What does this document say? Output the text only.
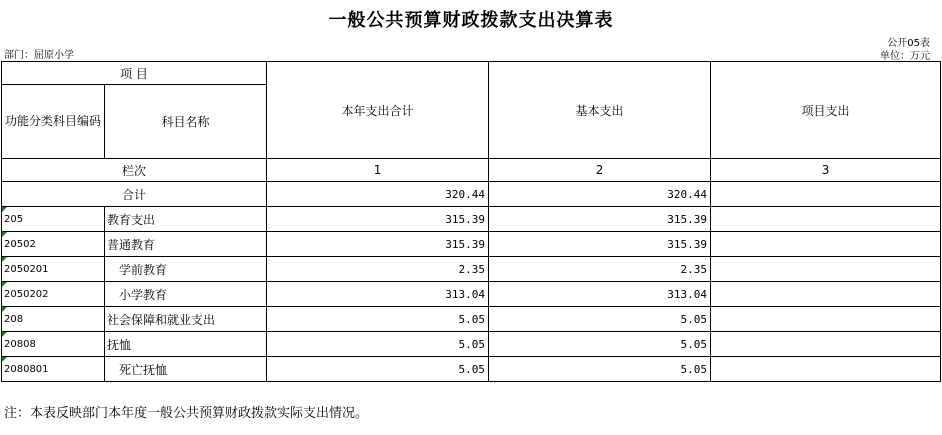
一般公共预算财政拨款支出决算表
公开05表
部门：屈原小学	单位：万元
项 目		本年支出合计	基本支出	项目支出
功能分类科目编码	科目名称			
栏次		1	2	3
合计		320.44	320.44	

205	教育支出	315.39	315.39	

20502	普通教育	315.39	315.39	

2050201	学前教育	2.35	2.35	

2050202	小学教育	313.04	313.04	

208	社会保障和就业支出	5.05	5.05	

20808	抚恤	5.05	5.05	

2080801	死亡抚恤	5.05	5.05	
注：本表反映部门本年度一般公共预算财政拨款实际支出情况。
